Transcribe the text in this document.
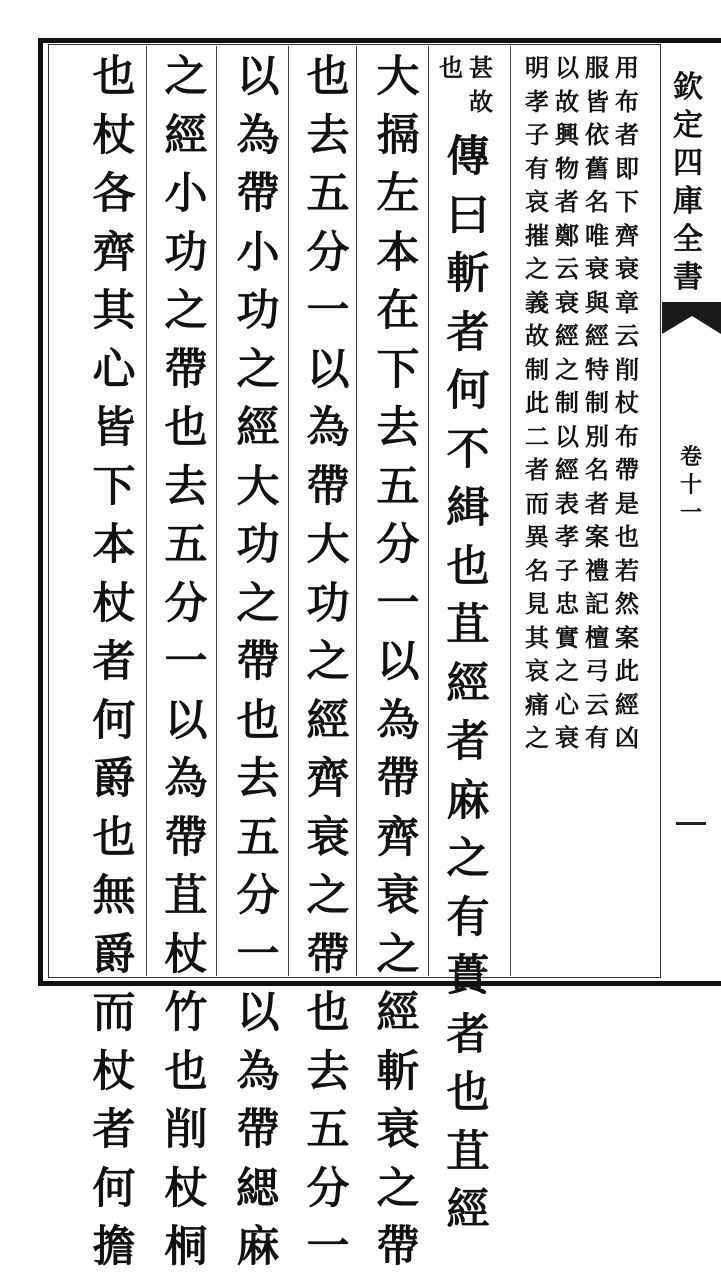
欽
定
四
庫
全
書
卷
十
一
用
布
者
即
下
齊
衰
章
云
削
杖
布
帶
是
也
若
然
案
此
經
凶
服
皆
依
舊
名
唯
衰
與
經
特
制
別
名
者
案
禮
記
檀
弓
云
有
以
故
興
物
者
鄭
云
衰
經
之
制
以
經
表
孝
子
忠
實
之
心
衰
明
孝
子
有
哀
摧
之
義
故
制
此
二
者
而
異
名
見
其
哀
痛
之
甚
故
也
傳
曰
斬
者
何
不
緝
也
苴
經
者
麻
之
有
蕢
者
也
苴
經
大
搹
左
本
在
下
去
五
分
一
以
為
帶
齊
衰
之
經
斬
衰
之
帶
也
去
五
分
一
以
為
帶
大
功
之
經
齊
衰
之
帶
也
去
五
分
一
以
為
帶
小
功
之
經
大
功
之
帶
也
去
五
分
一
以
為
帶
緦
麻
之
經
小
功
之
帶
也
去
五
分
一
以
為
帶
苴
杖
竹
也
削
杖
桐
也
杖
各
齊
其
心
皆
下
本
杖
者
何
爵
也
無
爵
而
杖
者
何
擔
